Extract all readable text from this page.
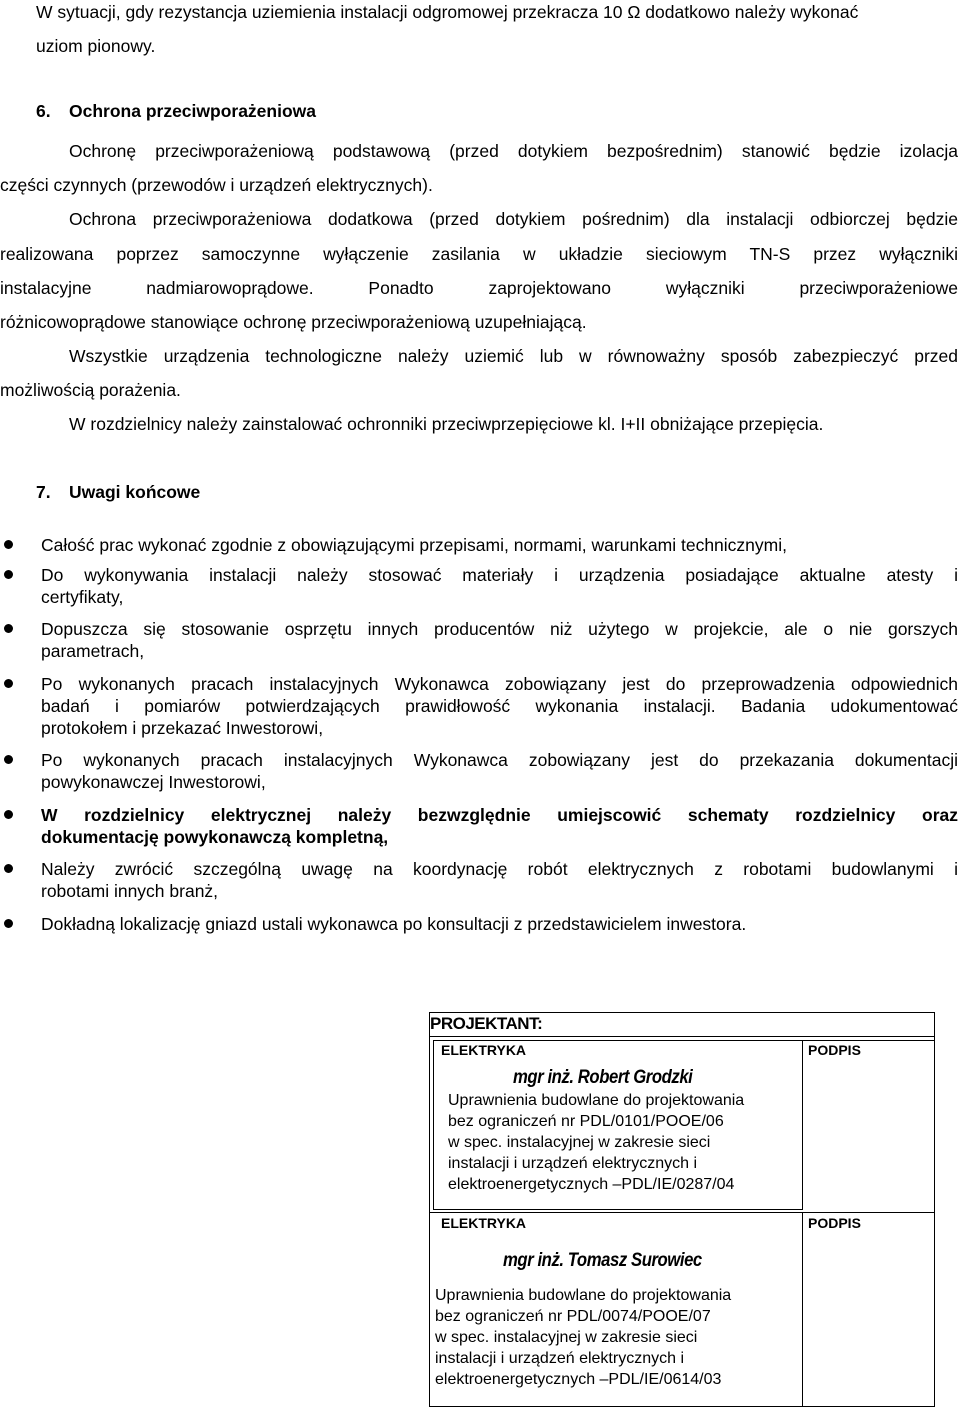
W sytuacji, gdy rezystancja uziemienia instalacji odgromowej przekracza 10 Ω dodatkowo należy wykonać
uziom pionowy.
6. Ochrona przeciwporażeniowa
Ochronę przeciwporażeniową podstawową (przed dotykiem bezpośrednim) stanowić będzie izolacja
części czynnych (przewodów i urządzeń elektrycznych).
Ochrona przeciwporażeniowa dodatkowa (przed dotykiem pośrednim) dla instalacji odbiorczej będzie
realizowana poprzez samoczynne wyłączenie zasilania w układzie sieciowym TN-S przez wyłączniki
instalacyjne nadmiarowoprądowe. Ponadto zaprojektowano wyłączniki przeciwporażeniowe
różnicowoprądowe stanowiące ochronę przeciwporażeniową uzupełniającą.
Wszystkie urządzenia technologiczne należy uziemić lub w równoważny sposób zabezpieczyć przed
możliwością porażenia.
W rozdzielnicy należy zainstalować ochronniki przeciwprzepięciowe kl. I+II obniżające przepięcia.
7. Uwagi końcowe
Całość prac wykonać zgodnie z obowiązującymi przepisami, normami, warunkami technicznymi,
Do wykonywania instalacji należy stosować materiały i urządzenia posiadające aktualne atesty i
certyfikaty,
Dopuszcza się stosowanie osprzętu innych producentów niż użytego w projekcie, ale o nie gorszych
parametrach,
Po wykonanych pracach instalacyjnych Wykonawca zobowiązany jest do przeprowadzenia odpowiednich
badań i pomiarów potwierdzających prawidłowość wykonania instalacji. Badania udokumentować
protokołem i przekazać Inwestorowi,
Po wykonanych pracach instalacyjnych Wykonawca zobowiązany jest do przekazania dokumentacji
powykonawczej Inwestorowi,
W rozdzielnicy elektrycznej należy bezwzględnie umiejscowić schematy rozdzielnicy oraz
dokumentację powykonawczą kompletną,
Należy zwrócić szczególną uwagę na koordynację robót elektrycznych z robotami budowlanymi i
robotami innych branż,
Dokładną lokalizację gniazd ustali wykonawca po konsultacji z przedstawicielem inwestora.
PROJEKTANT:
ELEKTRYKA	PODPIS
mgr inż. Robert Grodzki
Uprawnienia budowlane do projektowania
bez ograniczeń nr PDL/0101/POOE/06
w spec. instalacyjnej w zakresie sieci
instalacji i urządzeń elektrycznych i
elektroenergetycznych –PDL/IE/0287/04
ELEKTRYKA	PODPIS
mgr inż. Tomasz Surowiec
Uprawnienia budowlane do projektowania
bez ograniczeń nr PDL/0074/POOE/07
w spec. instalacyjnej w zakresie sieci
instalacji i urządzeń elektrycznych i
elektroenergetycznych –PDL/IE/0614/03
